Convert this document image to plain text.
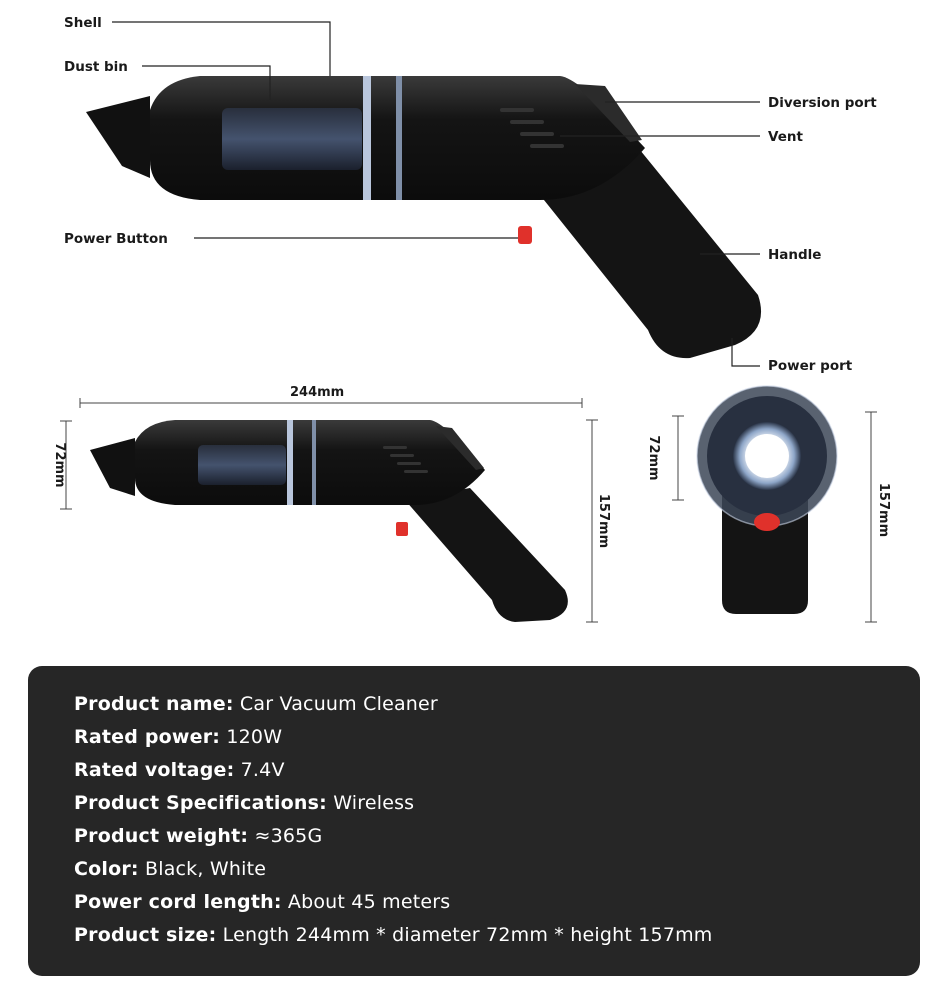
Shell
Dust bin
Power Button
Diversion port
Vent
Handle
Power port
244mm
72mm
157mm
72mm
157mm
Product name: Car Vacuum Cleaner
Rated power: 120W
Rated voltage: 7.4V
Product Specifications: Wireless
Product weight: ≈365G
Color: Black, White
Power cord length: About 45 meters
Product size: Length 244mm * diameter 72mm * height 157mm
